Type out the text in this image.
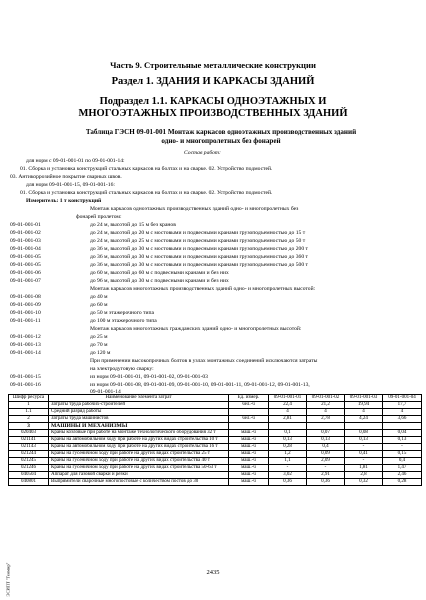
Часть 9. Строительные металлические конструкции
Раздел 1. ЗДАНИЯ И КАРКАСЫ ЗДАНИЙ
Подраздел 1.1. КАРКАСЫ ОДНОЭТАЖНЫХ И МНОГОЭТАЖНЫХ ПРОИЗВОДСТВЕННЫХ ЗДАНИЙ
Таблица ГЭСН 09-01-001 Монтаж каркасов одноэтажных производственных зданий
одно- и многопролетных без фонарей
Состав работ:
для норм с 09-01-001-01 по 09-01-001-14:
01. Сборка и установка конструкций стальных каркасов на болтах и на сварке. 02. Устройство подмостей.
03. Антикоррозийное покрытие сварных швов.
для норм 09-01-001-15, 09-01-001-16:
01. Сборка и установка конструкций стальных каркасов на болтах и на сварке. 02. Устройство подмостей.
Измеритель: 1 т конструкций
Монтаж каркасов одноэтажных производственных зданий одно- и многопролетных без
фонарей пролетом:
09-01-001-01	до 24 м, высотой до 15 м без кранов
09-01-001-02	до 24 м, высотой до 20 м с мостовыми и подвесными кранами грузоподъемностью до 15 т
09-01-001-03	до 24 м, высотой до 25 м с мостовыми и подвесными кранами грузоподъемностью до 50 т
09-01-001-04	до 36 м, высотой до 30 м с мостовыми и подвесными кранами грузоподъемностью до 200 т
09-01-001-05	до 36 м, высотой до 30 м с мостовыми и подвесными кранами грузоподъемностью до 360 т
09-01-001-05	до 36 м, высотой до 30 м с мостовыми и подвесными кранами грузоподъемностью до 500 т
09-01-001-06	до 60 м, высотой до 60 м с подвесными кранами и без них
09-01-001-07	до 96 м, высотой до 30 м с подвесными кранами и без них
Монтаж каркасов многоэтажных производственных зданий одно- и многопролетных высотой:
09-01-001-08	до 40 м
09-01-001-09	до 60 м
09-01-001-10	до 50 м этажерочного типа
09-01-001-11	до 100 м этажерочного типа
Монтаж каркасов многоэтажных гражданских зданий одно- и многопролетных высотой:
09-01-001-12	до 25 м
09-01-001-13	до 70 м
09-01-001-14	до 120 м
При применении высокопрочных болтов в узлах монтажных соединений исключаются затраты
на электродуговую сварку:
09-01-001-15	из норм 09-01-001-01, 09-01-001-02, 09-01-001-03
09-01-001-16	из норм 09-01-001-08, 09-01-001-09, 09-01-001-10, 09-01-001-11, 09-01-001-12, 09-01-001-13,
09-01-001-14
Шифр ресурса	Наименование элемента затрат	Ед. измер.	09-01-001-01	09-01-001-02	09-01-001-03	09-01-001-04
1	Затраты труда рабочих-строителей	чел.-ч	22,4	21,2	19,94	17,7
1.1	Средний разряд работы		4	4	4	4
2	Затраты труда машинистов	чел.-ч	2,81	2,78	4,24	3,66
3	МАШИНЫ И МЕХАНИЗМЫ					
020403	Краны козловые при работе на монтаже технологического оборудования 32 т	маш.-ч	0,1	0,07	0,08	0,04
021141	Краны на автомобильном ходу при работе на других видах строительства 10 т	маш.-ч	0,13	0,13	0,13	0,13
021143	Краны на автомобильном ходу при работе на других видах строительства 16 т	маш.-ч	0,28	0,4	-	-
021244	Краны на гусеничном ходу при работе на других видах строительства 25 т	маш.-ч	1,2	0,09	0,41	0,15
021245	Краны на гусеничном ходу при работе на других видах строительства 40 т	маш.-ч	1,1	2,09	-	0,4
021246	Краны на гусеничном ходу при работе на других видах строительства 50-63 т	маш.-ч	-	-	1,81	1,47
040504	Аппарат для газовой сварки и резки	маш.-ч	3,02	2,91	2,8	2,46
040801	Выпрямители сварочные многопостовые с количеством постов до 30	маш.-ч	0,36	0,36	0,32	0,28
2435
ЭСИПТ "Геомир"
